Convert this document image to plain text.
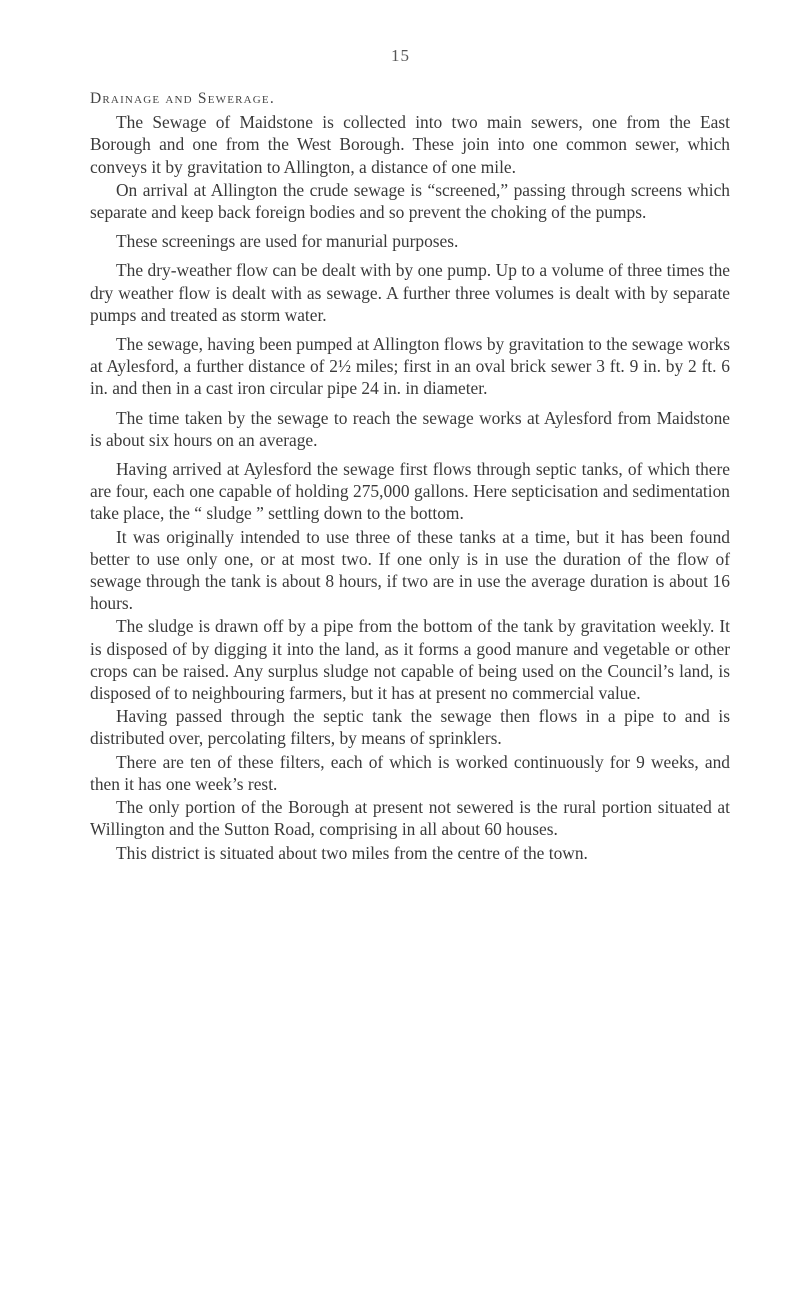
15
Drainage and Sewerage.

The Sewage of Maidstone is collected into two main sewers, one from the East Borough and one from the West Borough. These join into one common sewer, which conveys it by gravitation to Allington, a distance of one mile.

On arrival at Allington the crude sewage is “screened,” passing through screens which separate and keep back foreign bodies and so prevent the choking of the pumps.

These screenings are used for manurial purposes.

The dry-weather flow can be dealt with by one pump. Up to a volume of three times the dry weather flow is dealt with as sewage. A further three volumes is dealt with by separate pumps and treated as storm water.

The sewage, having been pumped at Allington flows by gravitation to the sewage works at Aylesford, a further distance of 2½ miles; first in an oval brick sewer 3 ft. 9 in. by 2 ft. 6 in. and then in a cast iron circular pipe 24 in. in diameter.

The time taken by the sewage to reach the sewage works at Aylesford from Maidstone is about six hours on an average.

Having arrived at Aylesford the sewage first flows through septic tanks, of which there are four, each one capable of holding 275,000 gallons. Here septicisation and sedimentation take place, the “ sludge ” settling down to the bottom.

It was originally intended to use three of these tanks at a time, but it has been found better to use only one, or at most two. If one only is in use the duration of the flow of sewage through the tank is about 8 hours, if two are in use the average duration is about 16 hours.

The sludge is drawn off by a pipe from the bottom of the tank by gravitation weekly. It is disposed of by digging it into the land, as it forms a good manure and vegetable or other crops can be raised. Any surplus sludge not capable of being used on the Council’s land, is disposed of to neighbouring farmers, but it has at present no commercial value.

Having passed through the septic tank the sewage then flows in a pipe to and is distributed over, percolating filters, by means of sprinklers.

There are ten of these filters, each of which is worked continuously for 9 weeks, and then it has one week’s rest.

The only portion of the Borough at present not sewered is the rural portion situated at Willington and the Sutton Road, comprising in all about 60 houses.

This district is situated about two miles from the centre of the town.
